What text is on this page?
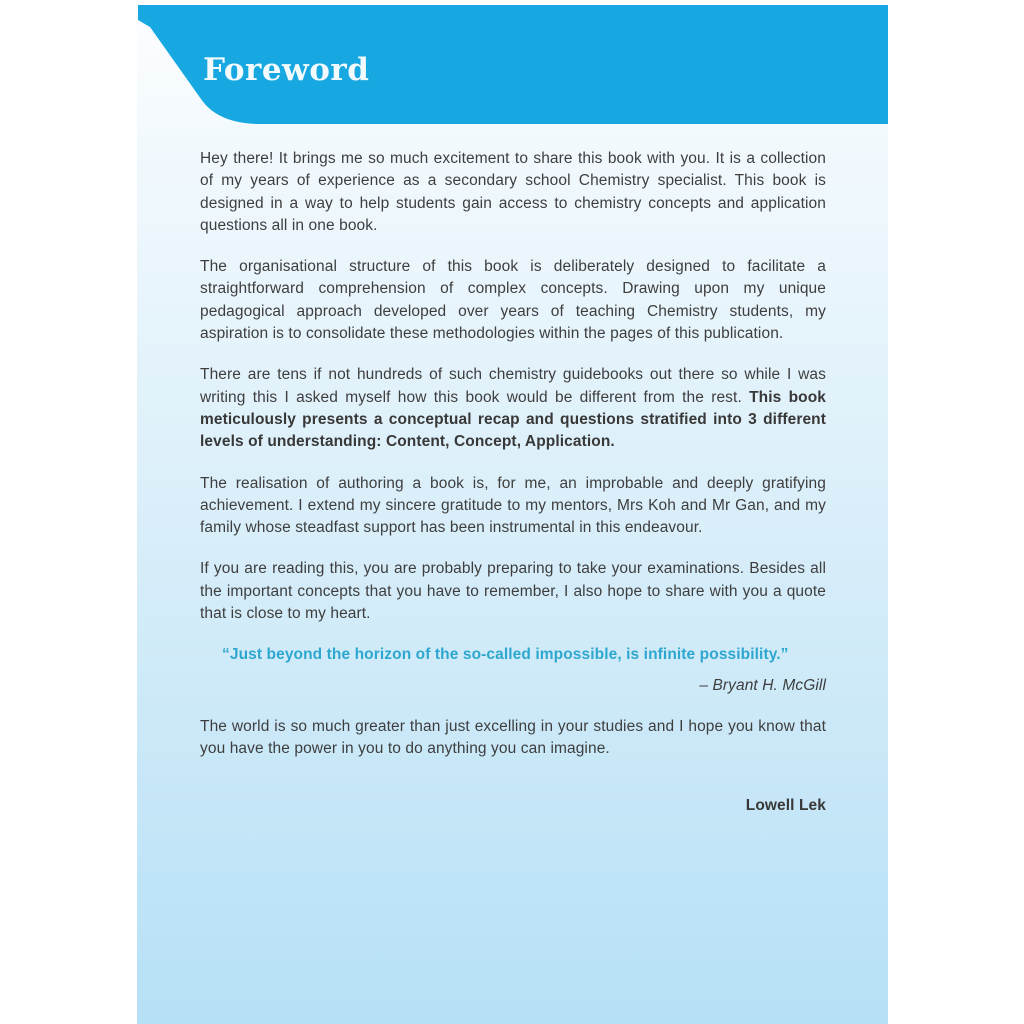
Foreword

Hey there! It brings me so much excitement to share this book with you. It is a collection of my years of experience as a secondary school Chemistry specialist. This book is designed in a way to help students gain access to chemistry concepts and application questions all in one book.

The organisational structure of this book is deliberately designed to facilitate a straightforward comprehension of complex concepts. Drawing upon my unique pedagogical approach developed over years of teaching Chemistry students, my aspiration is to consolidate these methodologies within the pages of this publication.

There are tens if not hundreds of such chemistry guidebooks out there so while I was writing this I asked myself how this book would be different from the rest. This book meticulously presents a conceptual recap and questions stratified into 3 different levels of understanding: Content, Concept, Application.

The realisation of authoring a book is, for me, an improbable and deeply gratifying achievement. I extend my sincere gratitude to my mentors, Mrs Koh and Mr Gan, and my family whose steadfast support has been instrumental in this endeavour.

If you are reading this, you are probably preparing to take your examinations. Besides all the important concepts that you have to remember, I also hope to share with you a quote that is close to my heart.

“Just beyond the horizon of the so-called impossible, is infinite possibility.”

– Bryant H. McGill

The world is so much greater than just excelling in your studies and I hope you know that you have the power in you to do anything you can imagine.

Lowell Lek
